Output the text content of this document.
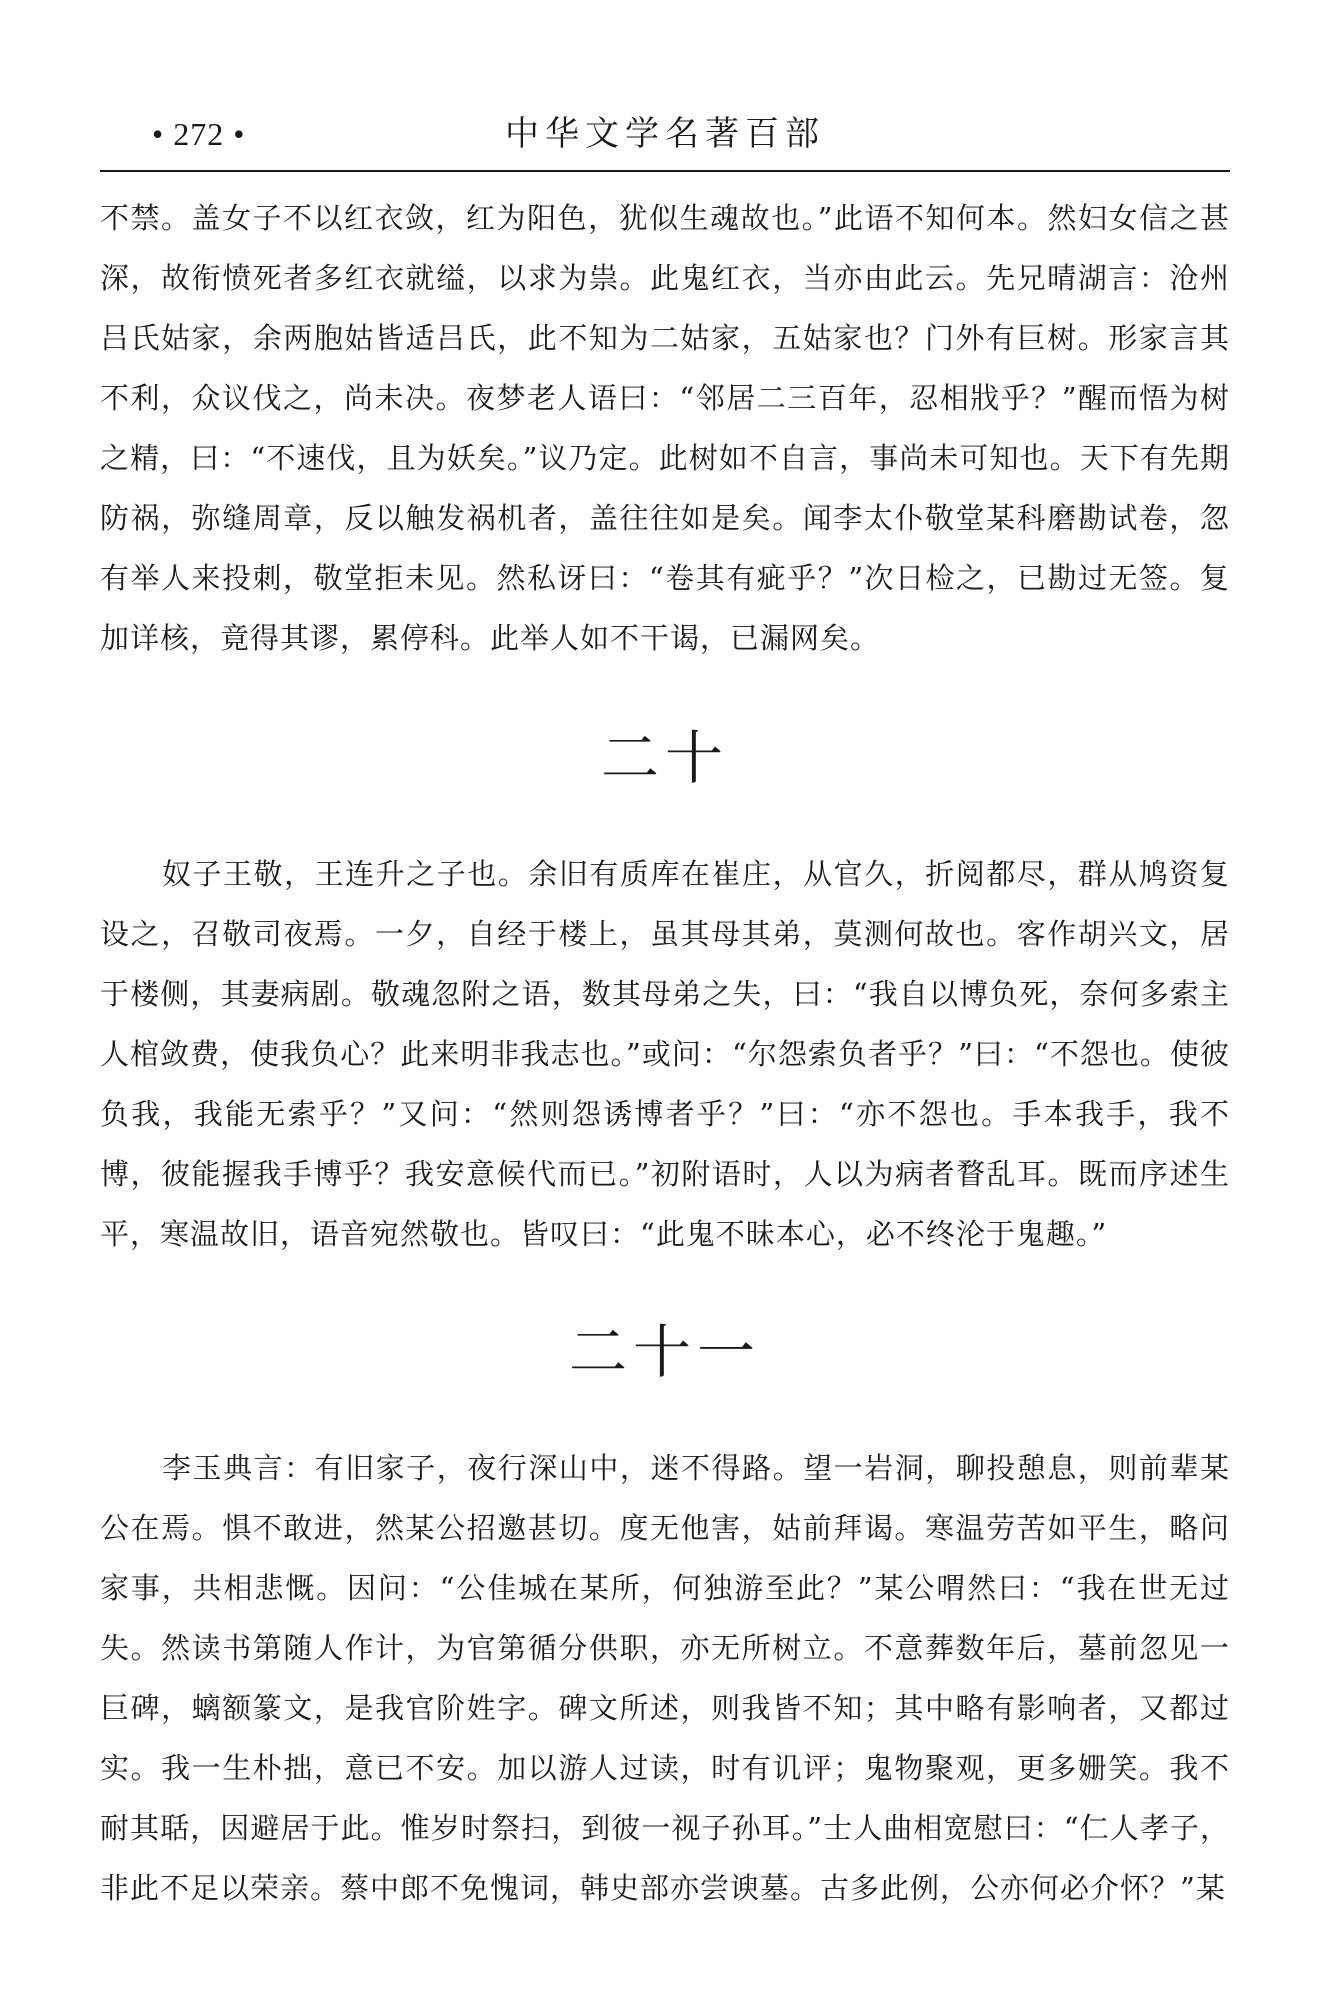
• 272 •	中华文学名著百部

不禁。盖女子不以红衣敛，红为阳色，犹似生魂故也。”此语不知何本。然妇女信之甚深，故衔愤死者多红衣就缢，以求为祟。此鬼红衣，当亦由此云。先兄晴湖言：沧州吕氏姑家，余两胞姑皆适吕氏，此不知为二姑家，五姑家也？门外有巨树。形家言其不利，众议伐之，尚未决。夜梦老人语曰：“邻居二三百年，忍相戕乎？”醒而悟为树之精，曰：“不速伐，且为妖矣。”议乃定。此树如不自言，事尚未可知也。天下有先期防祸，弥缝周章，反以触发祸机者，盖往往如是矣。闻李太仆敬堂某科磨勘试卷，忽有举人来投刺，敬堂拒未见。然私讶曰：“卷其有疵乎？”次日检之，已勘过无签。复加详核，竟得其谬，累停科。此举人如不干谒，已漏网矣。

二十

奴子王敬，王连升之子也。余旧有质库在崔庄，从官久，折阅都尽，群从鸠资复设之，召敬司夜焉。一夕，自经于楼上，虽其母其弟，莫测何故也。客作胡兴文，居于楼侧，其妻病剧。敬魂忽附之语，数其母弟之失，曰：“我自以博负死，奈何多索主人棺敛费，使我负心？此来明非我志也。”或问：“尔怨索负者乎？”曰：“不怨也。使彼负我，我能无索乎？”又问：“然则怨诱博者乎？”曰：“亦不怨也。手本我手，我不博，彼能握我手博乎？我安意候代而已。”初附语时，人以为病者瞀乱耳。既而序述生平，寒温故旧，语音宛然敬也。皆叹曰：“此鬼不昧本心，必不终沦于鬼趣。”

二十一

李玉典言：有旧家子，夜行深山中，迷不得路。望一岩洞，聊投憩息，则前辈某公在焉。惧不敢进，然某公招邀甚切。度无他害，姑前拜谒。寒温劳苦如平生，略问家事，共相悲慨。因问：“公佳城在某所，何独游至此？”某公喟然曰：“我在世无过失。然读书第随人作计，为官第循分供职，亦无所树立。不意葬数年后，墓前忽见一巨碑，螭额篆文，是我官阶姓字。碑文所述，则我皆不知；其中略有影响者，又都过实。我一生朴拙，意已不安。加以游人过读，时有讥评；鬼物聚观，更多姗笑。我不耐其聒，因避居于此。惟岁时祭扫，到彼一视子孙耳。”士人曲相宽慰曰：“仁人孝子，非此不足以荣亲。蔡中郎不免愧词，韩史部亦尝谀墓。古多此例，公亦何必介怀？”某
